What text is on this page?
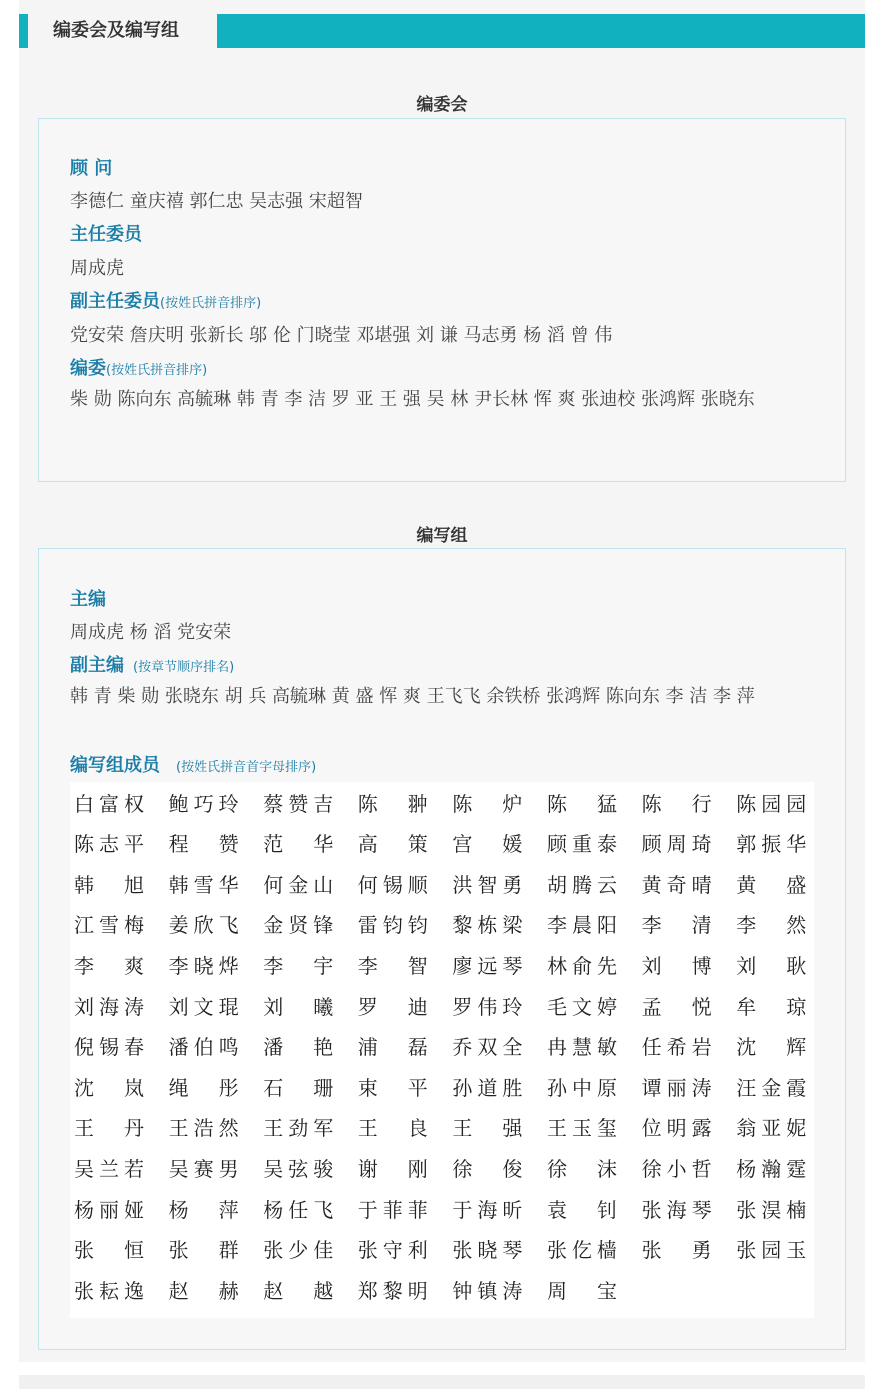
编委会及编写组
编委会
顾 问
李德仁 童庆禧 郭仁忠 吴志强 宋超智
主任委员
周成虎
副主任委员(按姓氏拼音排序)
党安荣 詹庆明 张新长 邬 伦 门晓莹 邓堪强 刘 谦 马志勇 杨 滔 曾 伟
编委(按姓氏拼音排序)
柴 勋 陈向东 高毓琳 韩 青 李 洁 罗 亚 王 强 吴 林 尹长林 恽 爽 张迪校 张鸿辉 张晓东
编写组
主编
周成虎 杨 滔 党安荣
副主编 (按章节顺序排名)
韩 青 柴 勋 张晓东 胡 兵 高毓琳 黄 盛 恽 爽 王飞飞 余铁桥 张鸿辉 陈向东 李 洁 李 萍
编写组成员 (按姓氏拼音首字母排序)
白 富 权 鲍 巧 玲 蔡 赞 吉 陈 翀 陈 炉 陈 猛 陈 行 陈 园 园
陈 志 平 程 赞 范 华 高 策 宫 媛 顾 重 泰 顾 周 琦 郭 振 华
韩 旭 韩 雪 华 何 金 山 何 锡 顺 洪 智 勇 胡 腾 云 黄 奇 晴 黄 盛
江 雪 梅 姜 欣 飞 金 贤 锋 雷 钧 钧 黎 栋 梁 李 晨 阳 李 清 李 然
李 爽 李 晓 烨 李 宇 李 智 廖 远 琴 林 俞 先 刘 博 刘 耿
刘 海 涛 刘 文 琨 刘 曦 罗 迪 罗 伟 玲 毛 文 婷 孟 悦 牟 琼
倪 锡 春 潘 伯 鸣 潘 艳 浦 磊 乔 双 全 冉 慧 敏 任 希 岩 沈 辉
沈 岚 绳 彤 石 珊 束 平 孙 道 胜 孙 中 原 谭 丽 涛 汪 金 霞
王 丹 王 浩 然 王 劲 军 王 良 王 强 王 玉 玺 位 明 露 翁 亚 妮
吴 兰 若 吴 赛 男 吴 弦 骏 谢 刚 徐 俊 徐 沫 徐 小 哲 杨 瀚 霆
杨 丽 娅 杨 萍 杨 任 飞 于 菲 菲 于 海 昕 袁 钊 张 海 琴 张 淏 楠
张 恒 张 群 张 少 佳 张 守 利 张 晓 琴 张 仡 樯 张 勇 张 园 玉
张 耘 逸 赵 赫 赵 越 郑 黎 明 钟 镇 涛 周 宝
